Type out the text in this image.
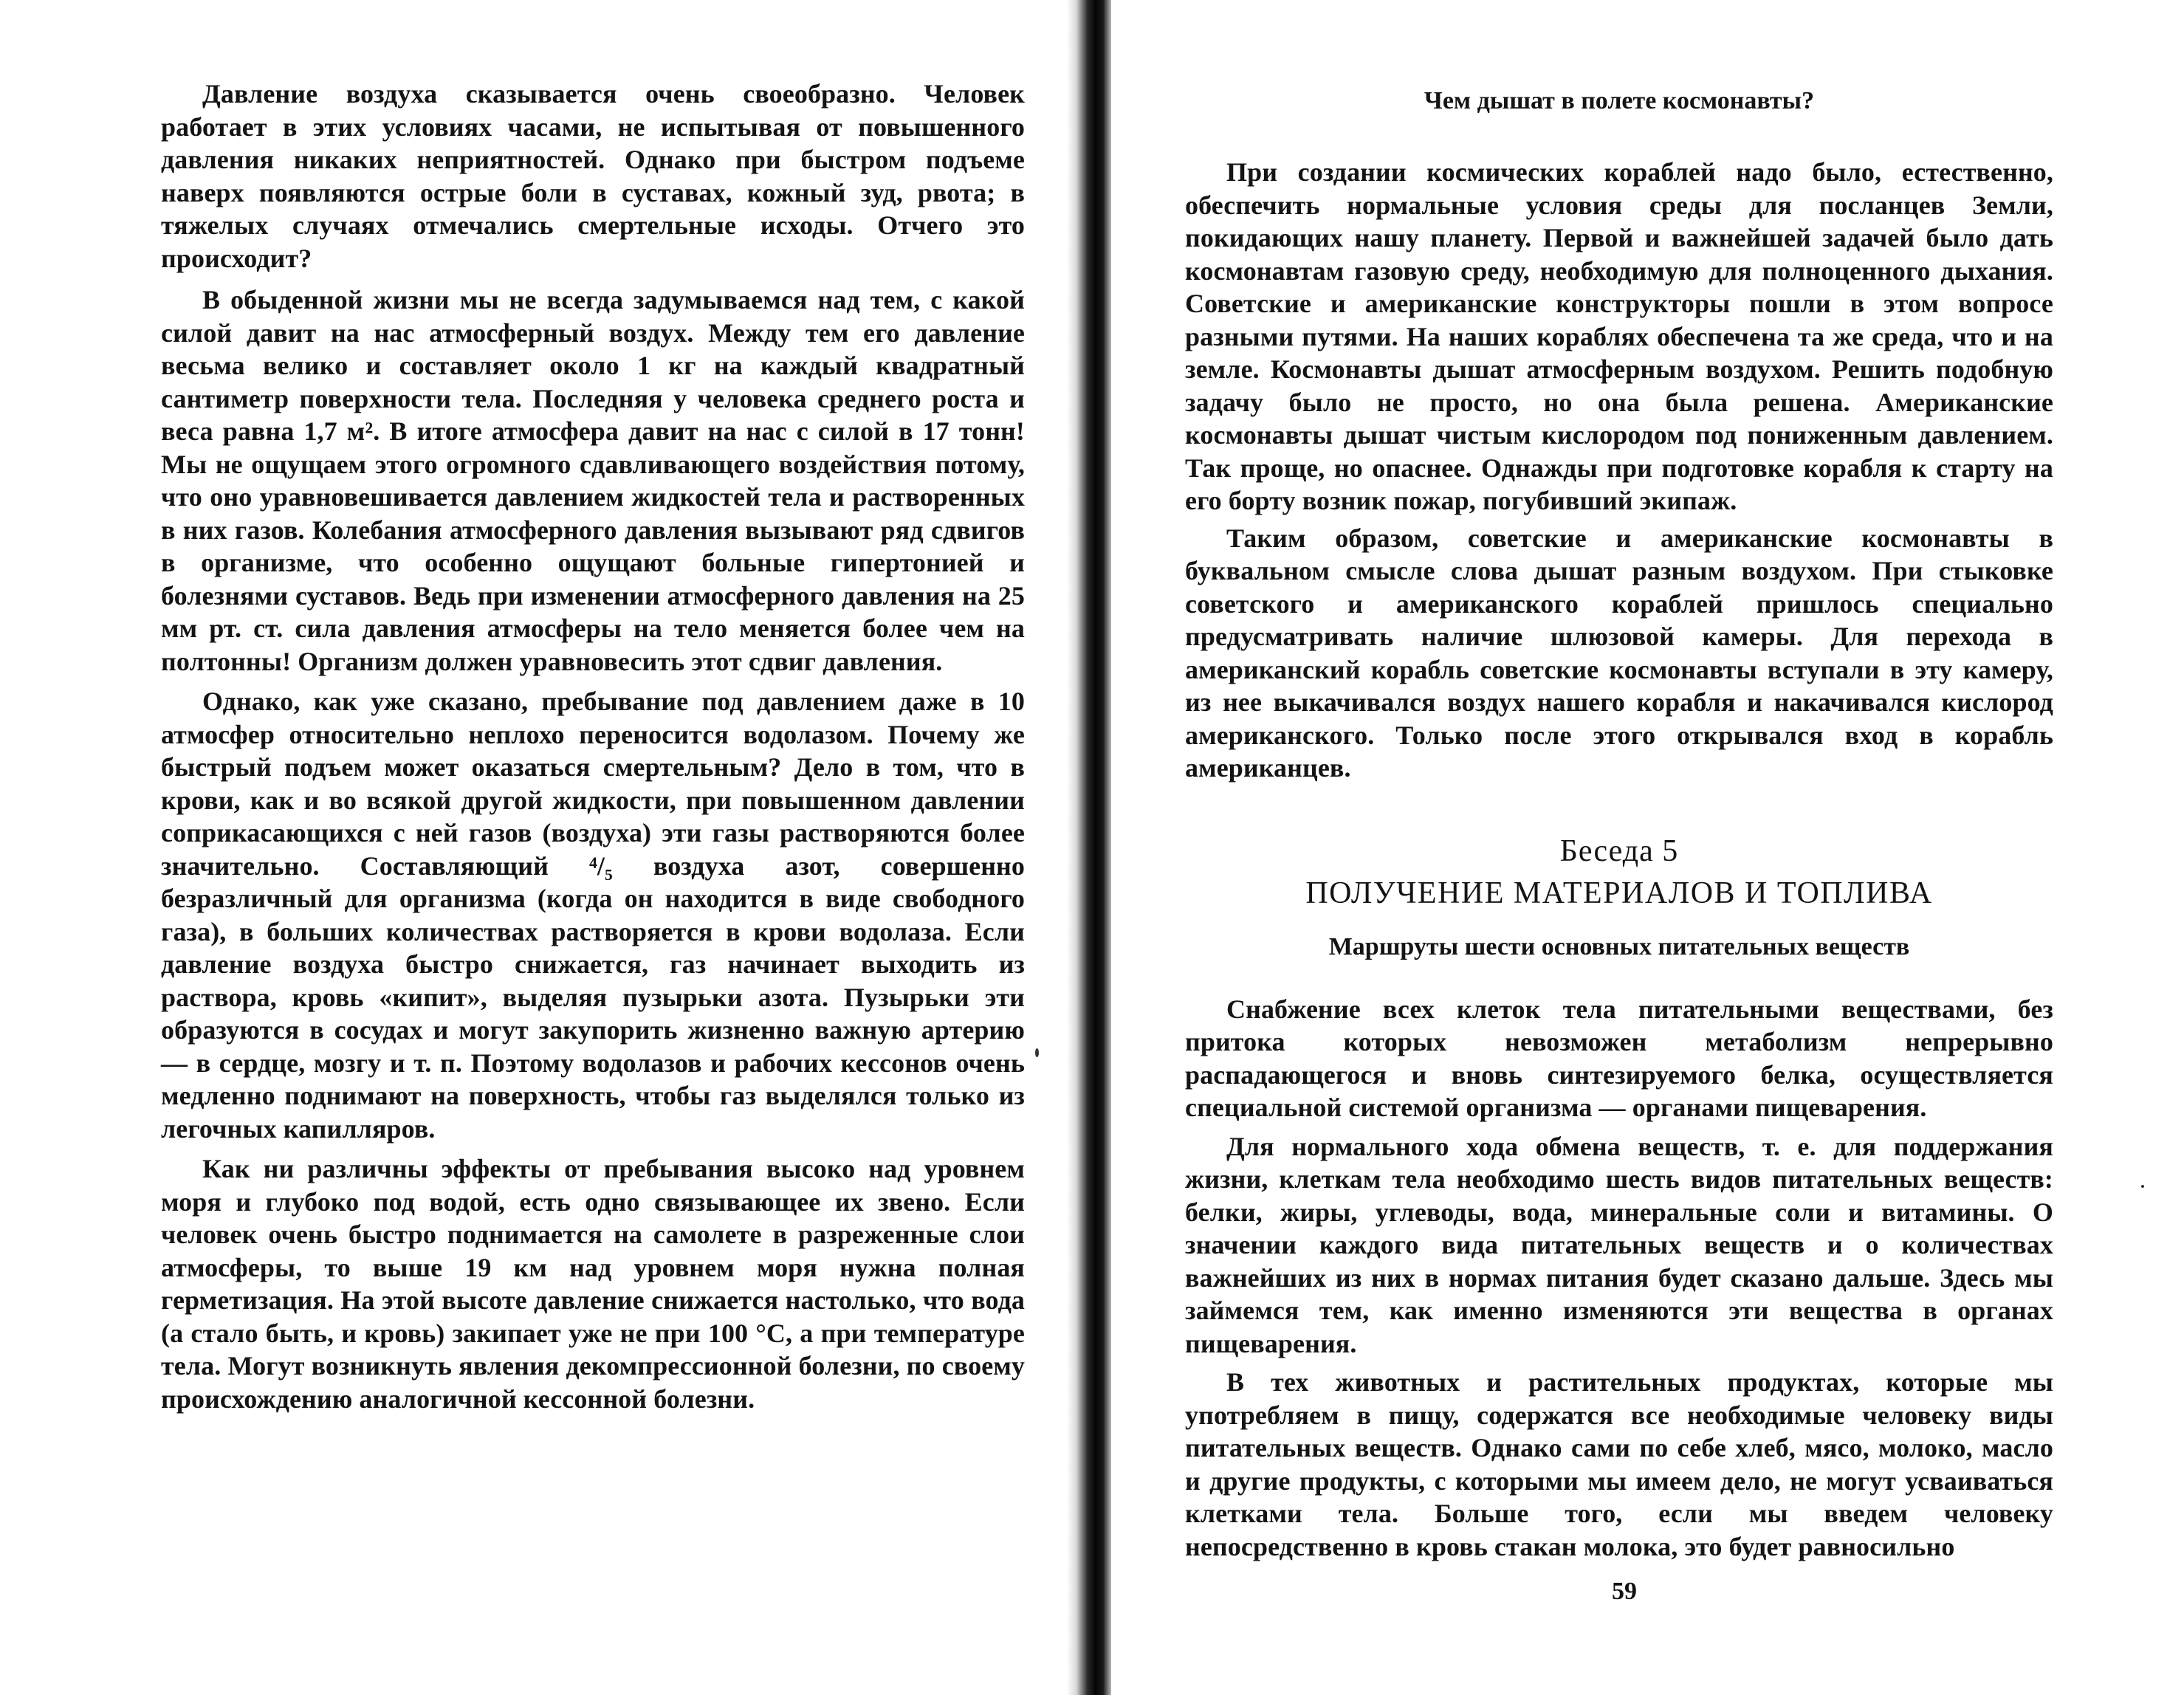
Давление воздуха сказывается очень своеобразно. Человек работает в этих условиях часами, не испытывая от повышенного давления никаких неприятностей. Однако при быстром подъеме наверх появляются острые боли в суставах, кожный зуд, рвота; в тяжелых случаях отмечались смертельные исходы. Отчего это происходит?

В обыденной жизни мы не всегда задумываемся над тем, с какой силой давит на нас атмосферный воздух. Между тем его давление весьма велико и составляет около 1 кг на каждый квадратный сантиметр поверхности тела. Последняя у человека среднего роста и веса равна 1,7 м². В итоге атмосфера давит на нас с силой в 17 тонн! Мы не ощущаем этого огромного сдавливающего воздействия потому, что оно уравновешивается давлением жидкостей тела и растворенных в них газов. Колебания атмосферного давления вызывают ряд сдвигов в организме, что особенно ощущают больные гипертонией и болезнями суставов. Ведь при изменении атмосферного давления на 25 мм рт. ст. сила давления атмосферы на тело меняется более чем на полтонны! Организм должен уравновесить этот сдвиг давления.

Однако, как уже сказано, пребывание под давлением даже в 10 атмосфер относительно неплохо переносится водолазом. Почему же быстрый подъем может оказаться смертельным? Дело в том, что в крови, как и во всякой другой жидкости, при повышенном давлении соприкасающихся с ней газов (воздуха) эти газы растворяются более значительно. Составляющий ⁴/₅ воздуха азот, совершенно безразличный для организма (когда он находится в виде свободного газа), в больших количествах растворяется в крови водолаза. Если давление воздуха быстро снижается, газ начинает выходить из раствора, кровь «кипит», выделяя пузырьки азота. Пузырьки эти образуются в сосудах и могут закупорить жизненно важную артерию — в сердце, мозгу и т. п. Поэтому водолазов и рабочих кессонов очень медленно поднимают на поверхность, чтобы газ выделялся только из легочных капилляров.

Как ни различны эффекты от пребывания высоко над уровнем моря и глубоко под водой, есть одно связывающее их звено. Если человек очень быстро поднимается на самолете в разреженные слои атмосферы, то выше 19 км над уровнем моря нужна полная герметизация. На этой высоте давление снижается настолько, что вода (а стало быть, и кровь) закипает уже не при 100 °С, а при температуре тела. Могут возникнуть явления декомпрессионной болезни, по своему происхождению аналогичной кессонной болезни.

Чем дышат в полете космонавты?

При создании космических кораблей надо было, естественно, обеспечить нормальные условия среды для посланцев Земли, покидающих нашу планету. Первой и важнейшей задачей было дать космонавтам газовую среду, необходимую для полноценного дыхания. Советские и американские конструкторы пошли в этом вопросе разными путями. На наших кораблях обеспечена та же среда, что и на земле. Космонавты дышат атмосферным воздухом. Решить подобную задачу было не просто, но она была решена. Американские космонавты дышат чистым кислородом под пониженным давлением. Так проще, но опаснее. Однажды при подготовке корабля к старту на его борту возник пожар, погубивший экипаж.

Таким образом, советские и американские космонавты в буквальном смысле слова дышат разным воздухом. При стыковке советского и американского кораблей пришлось специально предусматривать наличие шлюзовой камеры. Для перехода в американский корабль советские космонавты вступали в эту камеру, из нее выкачивался воздух нашего корабля и накачивался кислород американского. Только после этого открывался вход в корабль американцев.

Беседа 5
ПОЛУЧЕНИЕ МАТЕРИАЛОВ И ТОПЛИВА
Маршруты шести основных питательных веществ

Снабжение всех клеток тела питательными веществами, без притока которых невозможен метаболизм непрерывно распадающегося и вновь синтезируемого белка, осуществляется специальной системой организма — органами пищеварения.

Для нормального хода обмена веществ, т. е. для поддержания жизни, клеткам тела необходимо шесть видов питательных веществ: белки, жиры, углеводы, вода, минеральные соли и витамины. О значении каждого вида питательных веществ и о количествах важнейших из них в нормах питания будет сказано дальше. Здесь мы займемся тем, как именно изменяются эти вещества в органах пищеварения.

В тех животных и растительных продуктах, которые мы употребляем в пищу, содержатся все необходимые человеку виды питательных веществ. Однако сами по себе хлеб, мясо, молоко, масло и другие продукты, с которыми мы имеем дело, не могут усваиваться клетками тела. Больше того, если мы введем человеку непосредственно в кровь стакан молока, это будет равносильно

59
